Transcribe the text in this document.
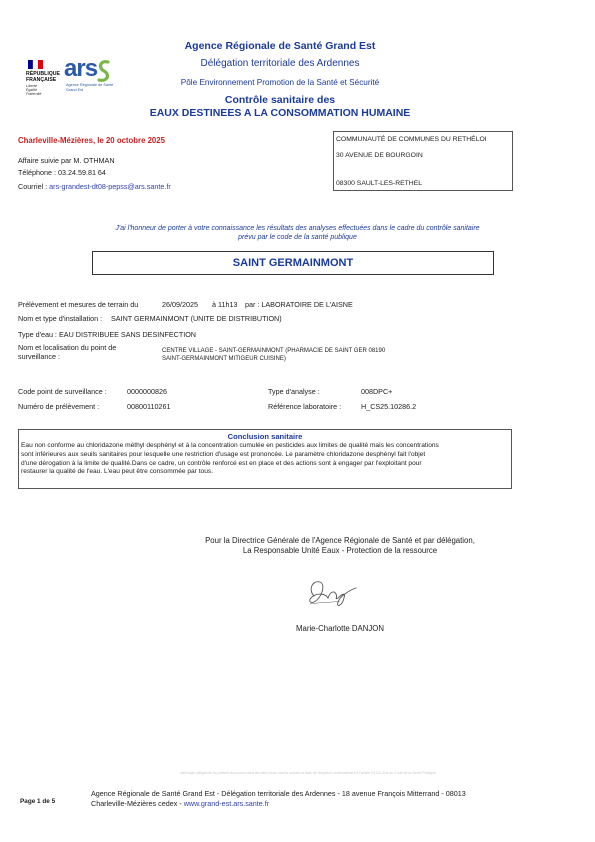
RÉPUBLIQUE
FRANÇAISE
Liberté
Égalité
Fraternité
ars
Agence Régionale de Santé
Grand Est
Agence Régionale de Santé Grand Est
Délégation territoriale des Ardennes
Pôle Environnement Promotion de la Santé et Sécurité
Contrôle sanitaire des
EAUX DESTINEES A LA CONSOMMATION HUMAINE
Charleville-Mézières, le 20 octobre 2025
Affaire suivie par M. OTHMAN
Téléphone : 03.24.59.81 64
Courriel : ars-grandest-dt08-pepss@ars.sante.fr
COMMUNAUTÉ DE COMMUNES DU RETHÉLOI
30 AVENUE DE BOURGOIN
08300 SAULT-LES-RETHEL
J'ai l'honneur de porter à votre connaissance les résultats des analyses effectuées dans le cadre du contrôle sanitaire
prévu par le code de la santé publique
SAINT GERMAINMONT
Prélèvement et mesures de terrain du	26/09/2025 à 11h13 par : LABORATOIRE DE L'AISNE
Nom et type d'installation : SAINT GERMAINMONT (UNITE DE DISTRIBUTION)
Type d'eau : EAU DISTRIBUEE SANS DESINFECTION
Nom et localisation du point de
surveillance :
CENTRE VILLAGE - SAINT-GERMAINMONT (PHARMACIE DE SAINT GER 08190
SAINT-GERMAINMONT MITIGEUR CUISINE)
Code point de surveillance :	0000000826	Type d'analyse :	008DPC+
Numéro de prélèvement :	00800110261	Référence laboratoire :	H_CS25.10286.2
Conclusion sanitaire
Eau non conforme au chloridazone méthyl desphényl et à la concentration cumulée en pesticides aux limites de qualité mais les concentrations
sont inférieures aux seuils sanitaires pour lesquelle une restriction d'usage est prononcée. Le paramètre chloridazone desphényl fait l'objet
d'une dérogation à la limite de qualité.Dans ce cadre, un contrôle renforcé est en place et des actions sont à engager par l'exploitant pour
restaurer la qualité de l'eau. L'eau peut être consommée par tous.
Pour la Directrice Générale de l'Agence Régionale de Santé et par délégation,
La Responsable Unité Eaux - Protection de la ressource
Marie-Charlotte DANJON
Affichage obligatoire du présent document dans les deux jours ouvrés suivant la date de réception conformément à l'article D1321-104 du Code de la Santé Publique
Page 1 de 5
Agence Régionale de Santé Grand Est - Délégation territoriale des Ardennes - 18 avenue François Mitterrand - 08013
Charleville-Mézières cedex - www.grand-est.ars.sante.fr
